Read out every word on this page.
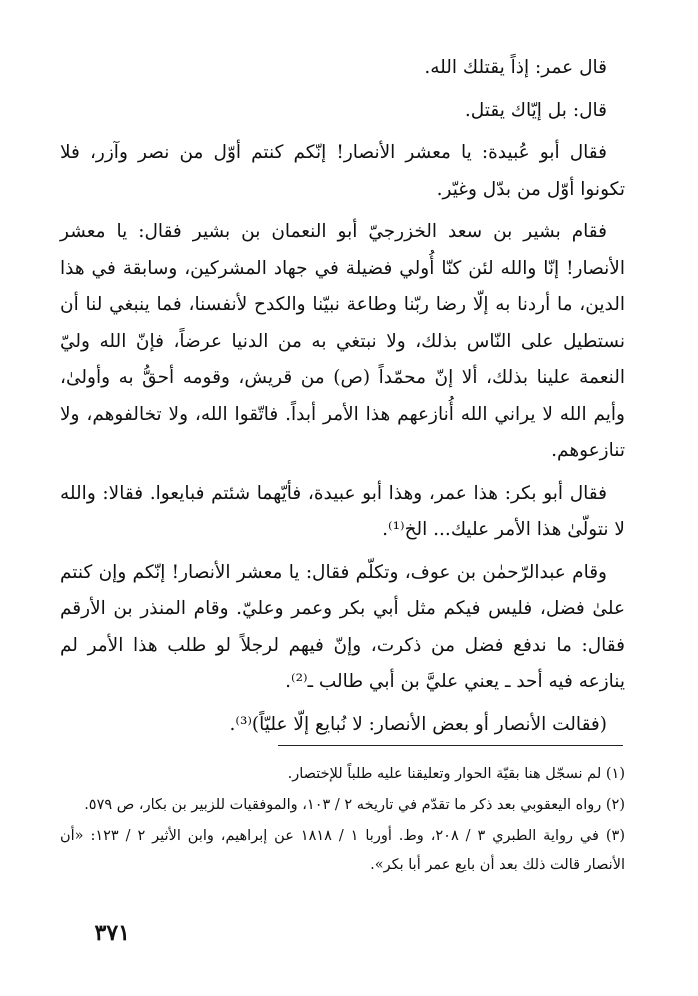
قال عمر: إذاً يقتلك الله.

قال: بل إيّاك يقتل.

فقال أبو عُبيدة: يا معشر الأنصار! إنّكم كنتم أوّل من نصر وآزر، فلا تكونوا أوّل من بدّل وغيّر.

فقام بشير بن سعد الخزرجيّ أبو النعمان بن بشير فقال: يا معشر الأنصار! إنّا والله لئن كنّا أُولي فضيلة في جهاد المشركين، وسابقة في هذا الدين، ما أردنا به إلّا رضا ربّنا وطاعة نبيّنا والكدح لأنفسنا، فما ينبغي لنا أن نستطيل على النّاس بذلك، ولا نبتغي به من الدنيا عرضاً، فإنّ الله وليّ النعمة علينا بذلك، ألا إنّ محمّداً (ص) من قريش، وقومه أحقُّ به وأولىٰ، وأيم الله لا يراني الله أُنازعهم هذا الأمر أبداً. فاتّقوا الله، ولا تخالفوهم، ولا تنازعوهم.

فقال أبو بكر: هذا عمر، وهذا أبو عبيدة، فأيّهما شئتم فبايعوا. فقالا: والله لا نتولّىٰ هذا الأمر عليك... الخ⁽¹⁾.

وقام عبدالرّحمٰن بن عوف، وتكلّم فقال: يا معشر الأنصار! إنّكم وإن كنتم علىٰ فضل، فليس فيكم مثل أبي بكر وعمر وعليّ. وقام المنذر بن الأرقم فقال: ما ندفع فضل من ذكرت، وإنّ فيهم لرجلاً لو طلب هذا الأمر لم ينازعه فيه أحد ـ يعني عليَّ بن أبي طالب ـ⁽²⁾.

(فقالت الأنصار أو بعض الأنصار: لا نُبايع إلّا عليّاً)⁽³⁾.

(١) لم نسجّل هنا بقيّة الحوار وتعليقنا عليه طلباً للإختصار.

(٢) رواه اليعقوبي بعد ذكر ما تقدّم في تاريخه ٢ / ١٠٣، والموفقيات للزبير بن بكار، ص ٥٧٩.

(٣) في رواية الطبري ٣ / ٢٠٨، وط. أوربا ١ / ١٨١٨ عن إبراهيم، وابن الأثير ٢ / ١٢٣: «أن الأنصار قالت ذلك بعد أن بايع عمر أبا بكر».

٣٧١
